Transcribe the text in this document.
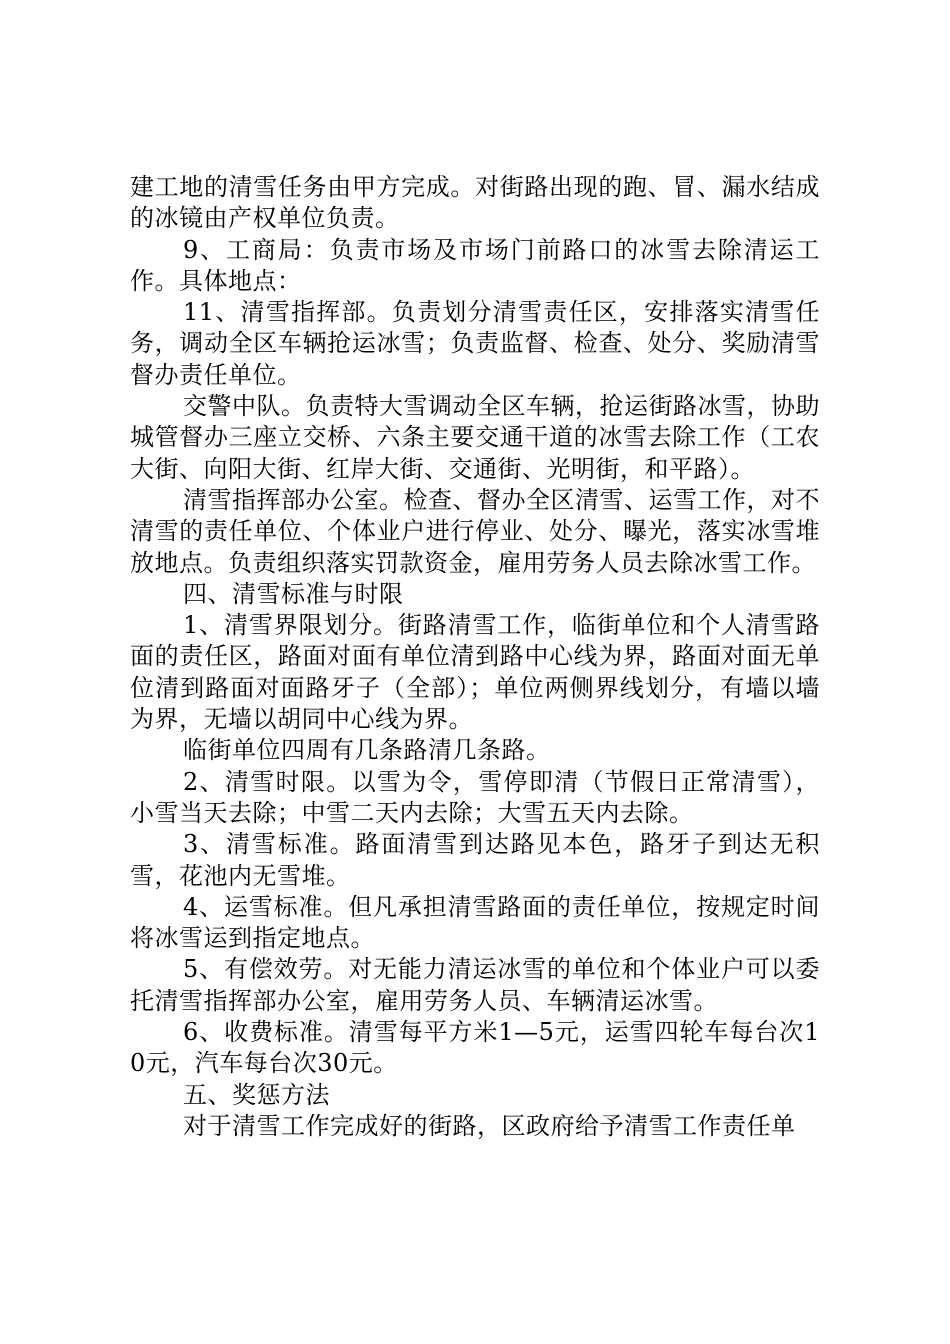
建工地的清雪任务由甲方完成。对街路出现的跑、冒、漏水结成的冰镜由产权单位负责。

9、工商局：负责市场及市场门前路口的冰雪去除清运工作。具体地点：

11、清雪指挥部。负责划分清雪责任区，安排落实清雪任务，调动全区车辆抢运冰雪；负责监督、检查、处分、奖励清雪督办责任单位。

交警中队。负责特大雪调动全区车辆，抢运街路冰雪，协助城管督办三座立交桥、六条主要交通干道的冰雪去除工作（工农大街、向阳大街、红岸大街、交通街、光明街，和平路）。

清雪指挥部办公室。检查、督办全区清雪、运雪工作，对不清雪的责任单位、个体业户进行停业、处分、曝光，落实冰雪堆放地点。负责组织落实罚款资金，雇用劳务人员去除冰雪工作。

四、清雪标准与时限

1、清雪界限划分。街路清雪工作，临街单位和个人清雪路面的责任区，路面对面有单位清到路中心线为界，路面对面无单位清到路面对面路牙子（全部）；单位两侧界线划分，有墙以墙为界，无墙以胡同中心线为界。

临街单位四周有几条路清几条路。

2、清雪时限。以雪为令，雪停即清（节假日正常清雪），小雪当天去除；中雪二天内去除；大雪五天内去除。

3、清雪标准。路面清雪到达路见本色，路牙子到达无积雪，花池内无雪堆。

4、运雪标准。但凡承担清雪路面的责任单位，按规定时间将冰雪运到指定地点。

5、有偿效劳。对无能力清运冰雪的单位和个体业户可以委托清雪指挥部办公室，雇用劳务人员、车辆清运冰雪。

6、收费标准。清雪每平方米1—5元，运雪四轮车每台次10元，汽车每台次30元。

五、奖惩方法

对于清雪工作完成好的街路，区政府给予清雪工作责任单
